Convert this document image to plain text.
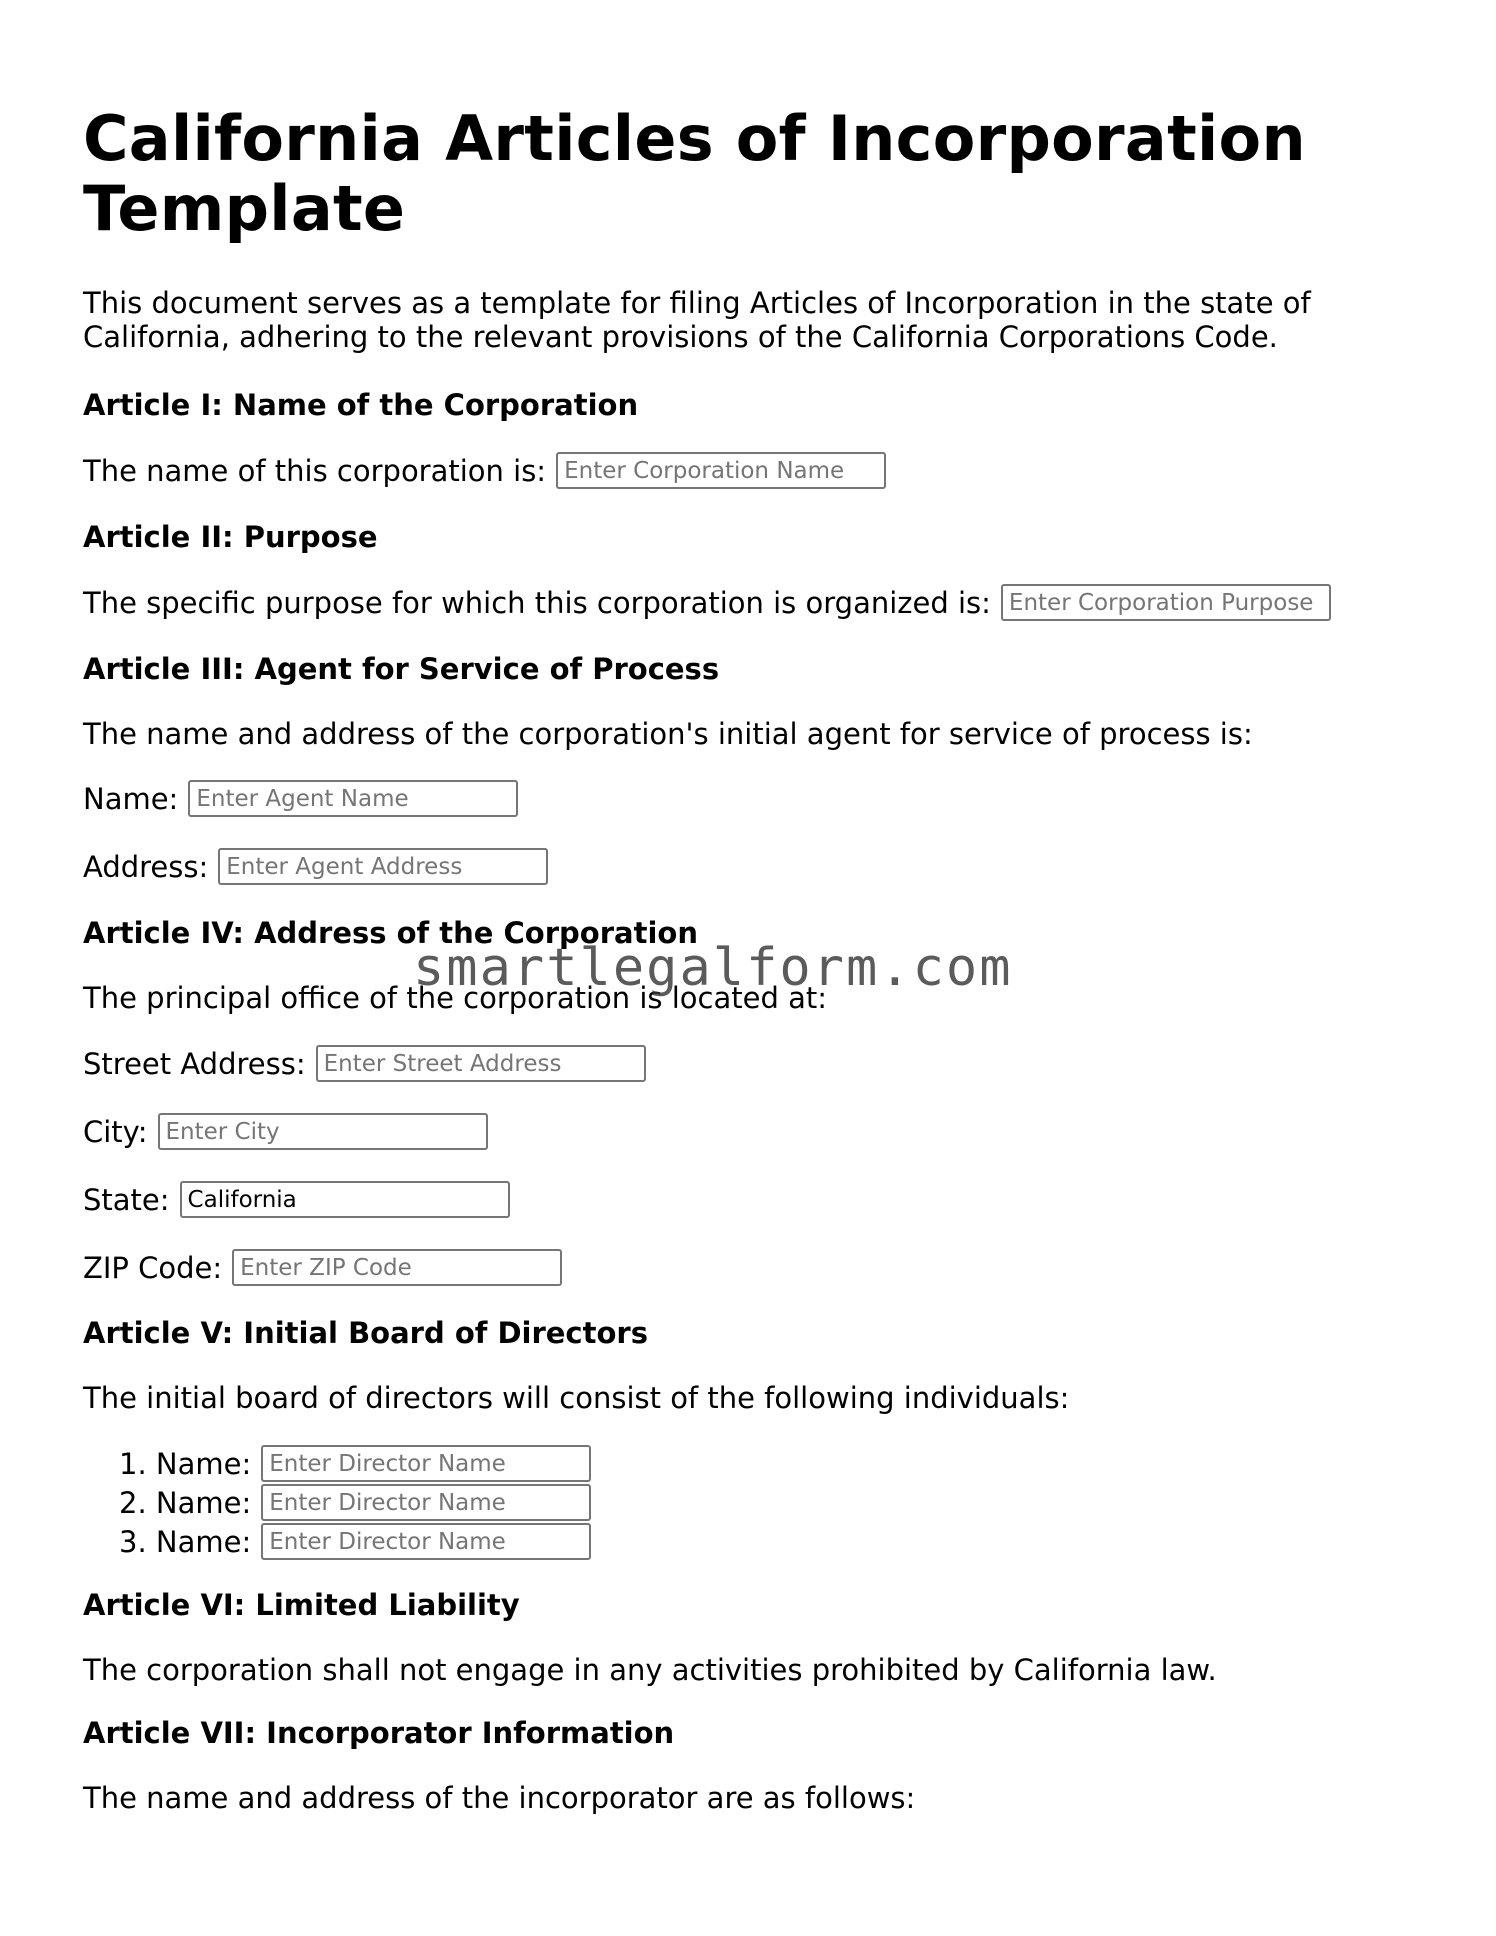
California Articles of Incorporation Template

This document serves as a template for filing Articles of Incorporation in the state of California, adhering to the relevant provisions of the California Corporations Code.

Article I: Name of the Corporation

The name of this corporation is:
Enter Corporation Name

Article II: Purpose

The specific purpose for which this corporation is organized is:
Enter Corporation Purpose

Article III: Agent for Service of Process

The name and address of the corporation's initial agent for service of process is:

Name:
Enter Agent Name
Address:
Enter Agent Address

Article IV: Address of the Corporation

The principal office of the corporation is located at:

Street Address:
Enter Street Address
City:
Enter City
State:
California
ZIP Code:
Enter ZIP Code

Article V: Initial Board of Directors

The initial board of directors will consist of the following individuals:

1.
Name:
Enter Director Name
2.
Name:
Enter Director Name
3.
Name:
Enter Director Name

Article VI: Limited Liability

The corporation shall not engage in any activities prohibited by California law.

Article VII: Incorporator Information

The name and address of the incorporator are as follows:

smartlegalform.com
